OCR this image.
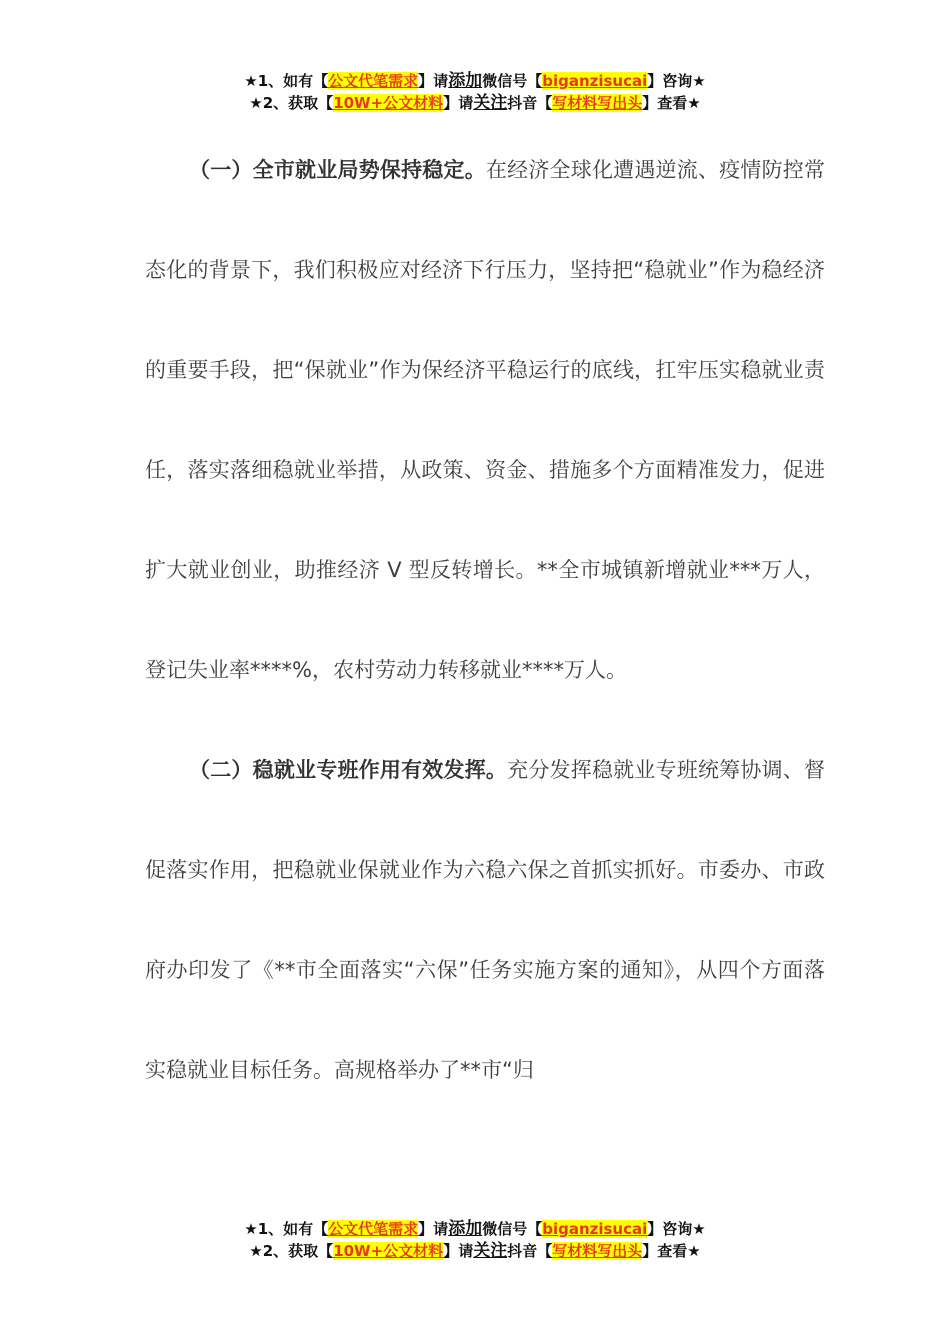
★1、如有【公文代笔需求】请添加微信号【biganzisucai】咨询★
★2、获取【10W+公文材料】请关注抖音【写材料写出头】查看★

（一）全市就业局势保持稳定。在经济全球化遭遇逆流、疫情防控常态化的背景下，我们积极应对经济下行压力，坚持把“稳就业”作为稳经济的重要手段，把“保就业”作为保经济平稳运行的底线，扛牢压实稳就业责任，落实落细稳就业举措，从政策、资金、措施多个方面精准发力，促进扩大就业创业，助推经济 V 型反转增长。**全市城镇新增就业***万人，登记失业率****%，农村劳动力转移就业****万人。

（二）稳就业专班作用有效发挥。充分发挥稳就业专班统筹协调、督促落实作用，把稳就业保就业作为六稳六保之首抓实抓好。市委办、市政府办印发了《**市全面落实“六保”任务实施方案的通知》，从四个方面落实稳就业目标任务。高规格举办了**市“归

★1、如有【公文代笔需求】请添加微信号【biganzisucai】咨询★
★2、获取【10W+公文材料】请关注抖音【写材料写出头】查看★
